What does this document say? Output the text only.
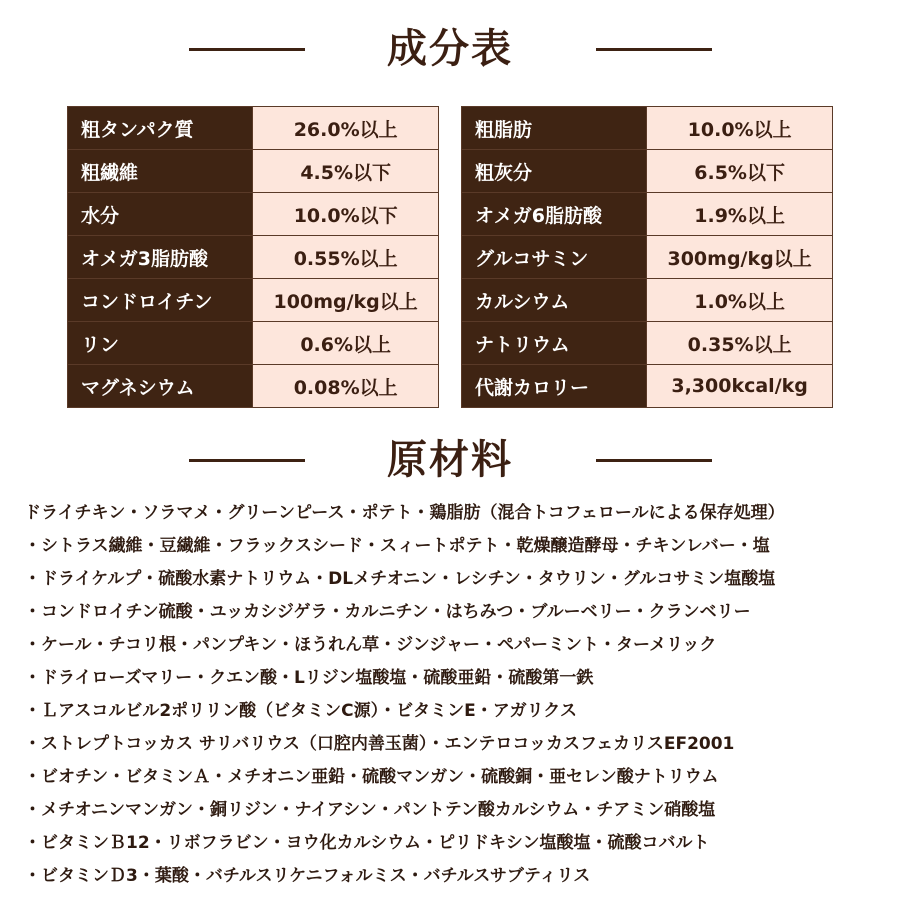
成分表
粗タンパク質	26.0%以上
粗繊維	4.5%以下
水分	10.0%以下
オメガ3脂肪酸	0.55%以上
コンドロイチン	100mg/kg以上
リン	0.6%以上
マグネシウム	0.08%以上
粗脂肪	10.0%以上
粗灰分	6.5%以下
オメガ6脂肪酸	1.9%以上
グルコサミン	300mg/kg以上
カルシウム	1.0%以上
ナトリウム	0.35%以上
代謝カロリー	3,300kcal/kg
原材料
ドライチキン・ソラマメ・グリーンピース・ポテト・鶏脂肪（混合トコフェロールによる保存処理）
・シトラス繊維・豆繊維・フラックスシード・スィートポテト・乾燥醸造酵母・チキンレバー・塩
・ドライケルプ・硫酸水素ナトリウム・DLメチオニン・レシチン・タウリン・グルコサミン塩酸塩
・コンドロイチン硫酸・ユッカシジゲラ・カルニチン・はちみつ・ブルーベリー・クランベリー
・ケール・チコリ根・パンプキン・ほうれん草・ジンジャー・ペパーミント・ターメリック
・ドライローズマリー・クエン酸・Lリジン塩酸塩・硫酸亜鉛・硫酸第一鉄
・Ｌアスコルビル2ポリリン酸（ビタミンC源）・ビタミンE・アガリクス
・ストレプトコッカス サリバリウス（口腔内善玉菌）・エンテロコッカスフェカリスEF2001
・ビオチン・ビタミンＡ・メチオニン亜鉛・硫酸マンガン・硫酸銅・亜セレン酸ナトリウム
・メチオニンマンガン・銅リジン・ナイアシン・パントテン酸カルシウム・チアミン硝酸塩
・ビタミンＢ12・リボフラビン・ヨウ化カルシウム・ピリドキシン塩酸塩・硫酸コバルト
・ビタミンＤ3・葉酸・バチルスリケニフォルミス・バチルスサブティリス
